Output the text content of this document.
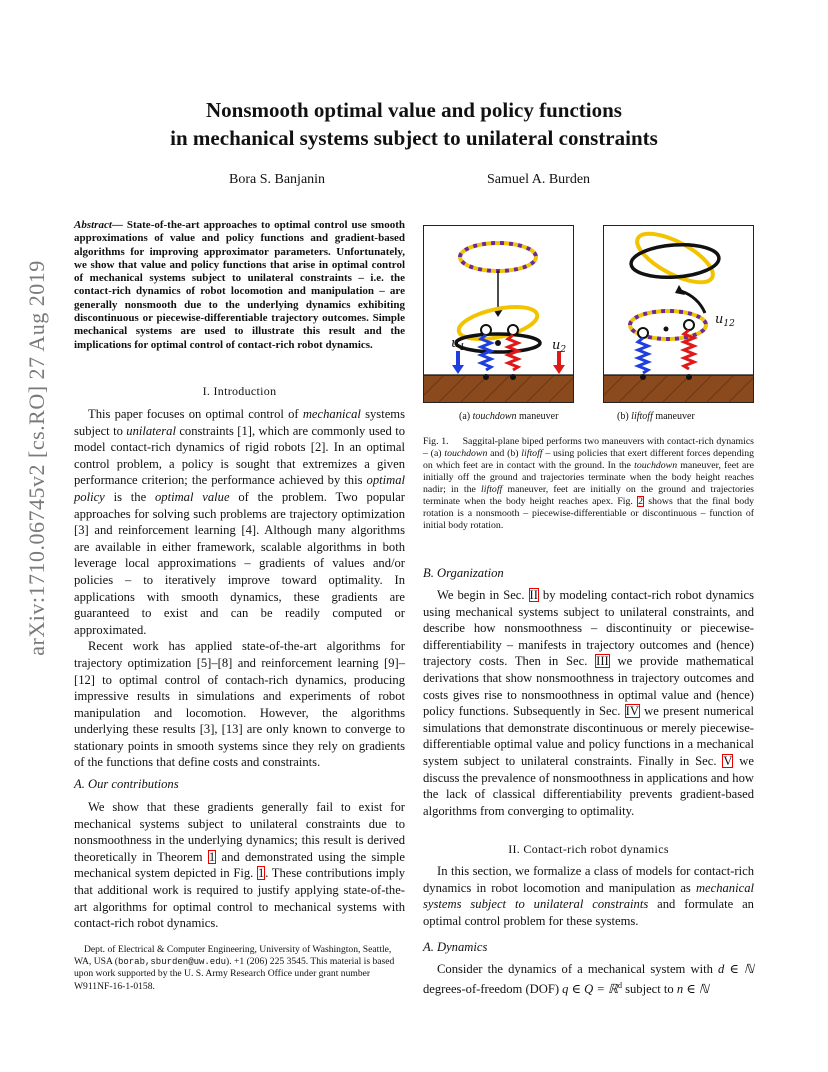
Nonsmooth optimal value and policy functions
in mechanical systems subject to unilateral constraints
Bora S. Banjanin	Samuel A. Burden
arXiv:1710.06745v2 [cs.RO] 27 Aug 2019
Abstract— State-of-the-art approaches to optimal control use smooth approximations of value and policy functions and gradient-based algorithms for improving approximator parameters. Unfortunately, we show that value and policy functions that arise in optimal control of mechanical systems subject to unilateral constraints – i.e. the contact-rich dynamics of robot locomotion and manipulation – are generally nonsmooth due to the underlying dynamics exhibiting discontinuous or piecewise-differentiable trajectory outcomes. Simple mechanical systems are used to illustrate this result and the implications for optimal control of contact-rich robot dynamics.
I. Introduction

This paper focuses on optimal control of mechanical systems subject to unilateral constraints [1], which are commonly used to model contact-rich dynamics of rigid robots [2]. In an optimal control problem, a policy is sought that extremizes a given performance criterion; the performance achieved by this optimal policy is the optimal value of the problem. Two popular approaches for solving such problems are trajectory optimization [3] and reinforcement learning [4]. Although many algorithms are available in either framework, scalable algorithms in both leverage local approximations – gradients of values and/or policies – to iteratively improve toward optimality. In applications with smooth dynamics, these gradients are guaranteed to exist and can be readily computed or approximated.

Recent work has applied state-of-the-art algorithms for trajectory optimization [5]–[8] and reinforcement learning [9]–[12] to optimal control of contach-rich dynamics, producing impressive results in simulations and experiments of robot manipulation and locomotion. However, the algorithms underlying these results [3], [13] are only known to converge to stationary points in smooth systems since they rely on gradients of the functions that define costs and constraints.

A. Our contributions

We show that these gradients generally fail to exist for mechanical systems subject to unilateral constraints due to nonsmoothness in the underlying dynamics; this result is derived theoretically in Theorem 1 and demonstrated using the simple mechanical system depicted in Fig. 1. These contributions imply that additional work is required to justify applying state-of-the-art algorithms for optimal control to mechanical systems with contact-rich robot dynamics.

Dept. of Electrical & Computer Engineering, University of Washington, Seattle, WA, USA (borab,sburden@uw.edu). +1 (206) 225 3545. This material is based upon work supported by the U. S. Army Research Office under grant number W911NF-16-1-0158.

$u_1$	$u_2$
$u_{12}$
(a) touchdown maneuver	(b) liftoff maneuver
Fig. 1. Saggital-plane biped performs two maneuvers with contact-rich dynamics – (a) touchdown and (b) liftoff – using policies that exert different forces depending on which feet are in contact with the ground. In the touchdown maneuver, feet are initially off the ground and trajectories terminate when the body height reaches nadir; in the liftoff maneuver, feet are initially on the ground and trajectories terminate when the body height reaches apex. Fig. 2 shows that the final body rotation is a nonsmooth – piecewise-differentiable or discontinuous – function of initial body rotation.
B. Organization

We begin in Sec. II by modeling contact-rich robot dynamics using mechanical systems subject to unilateral constraints, and describe how nonsmoothness – discontinuity or piecewise-differentiability – manifests in trajectory outcomes and (hence) trajectory costs. Then in Sec. III we provide mathematical derivations that show nonsmoothness in trajectory outcomes and costs gives rise to nonsmoothness in optimal value and (hence) policy functions. Subsequently in Sec. IV we present numerical simulations that demonstrate discontinuous or merely piecewise-differentiable optimal value and policy functions in a mechanical system subject to unilateral constraints. Finally in Sec. V we discuss the prevalence of nonsmoothness in applications and how the lack of classical differentiability prevents gradient-based algorithms from converging to optimality.

II. Contact-rich robot dynamics

In this section, we formalize a class of models for contact-rich dynamics in robot locomotion and manipulation as mechanical systems subject to unilateral constraints and formulate an optimal control problem for these systems.

A. Dynamics

Consider the dynamics of a mechanical system with d ∈ ℕ degrees-of-freedom (DOF) q ∈ Q = ℝ$^d$ subject to n ∈ ℕ
